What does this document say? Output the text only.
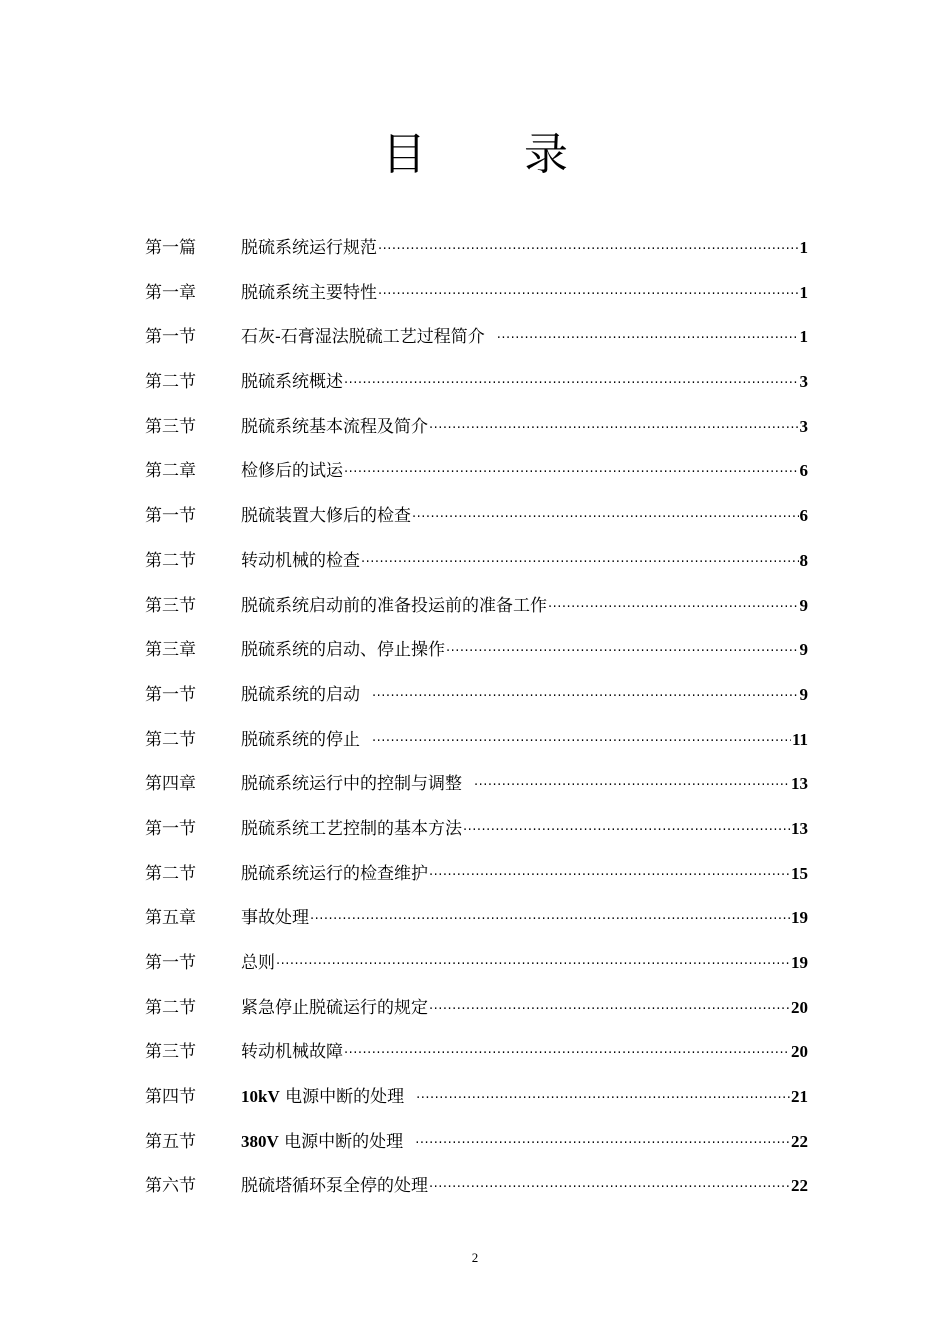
目 录
第一篇	脱硫系统运行规范 ·····	1
第一章	脱硫系统主要特性 ·····	1
第一节	石灰-石膏湿法脱硫工艺过程简介 ·····	1
第二节	脱硫系统概述 ·····	3
第三节	脱硫系统基本流程及简介 ·····	3
第二章	检修后的试运 ·····	6
第一节	脱硫装置大修后的检查 ·····	6
第二节	转动机械的检查 ·····	8
第三节	脱硫系统启动前的准备投运前的准备工作 ·····	9
第三章	脱硫系统的启动、停止操作 ·····	9
第一节	脱硫系统的启动 ·····	9
第二节	脱硫系统的停止 ·····	11
第四章	脱硫系统运行中的控制与调整 ·····	13
第一节	脱硫系统工艺控制的基本方法 ·····	13
第二节	脱硫系统运行的检查维护 ·····	15
第五章	事故处理 ·····	19
第一节	总则 ·····	19
第二节	紧急停止脱硫运行的规定 ·····	20
第三节	转动机械故障 ·····	20
第四节	10kV 电源中断的处理 ·····	21
第五节	380V 电源中断的处理 ·····	22
第六节	脱硫塔循环泵全停的处理 ·····	22
2
